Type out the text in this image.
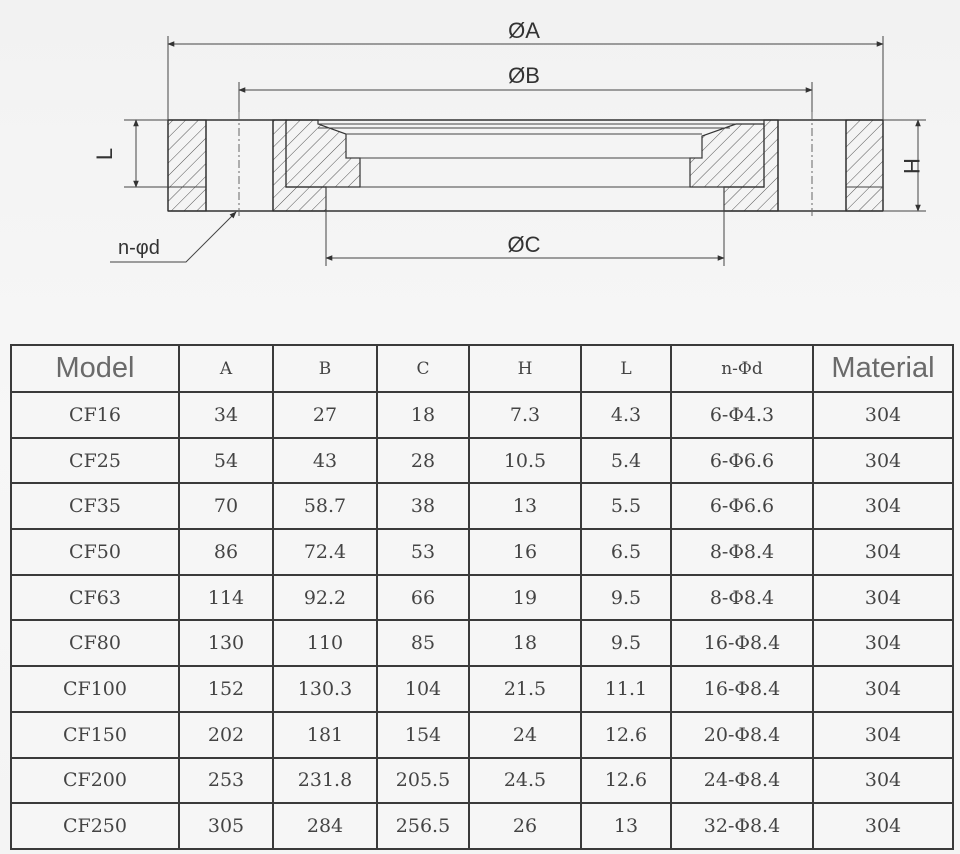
ØA
ØB
ØC
H
L
n-φd
Model	A	B	C	H	L	n-Φd	Material
CF16	34	27	18	7.3	4.3	6-Φ4.3	304
CF25	54	43	28	10.5	5.4	6-Φ6.6	304
CF35	70	58.7	38	13	5.5	6-Φ6.6	304
CF50	86	72.4	53	16	6.5	8-Φ8.4	304
CF63	114	92.2	66	19	9.5	8-Φ8.4	304
CF80	130	110	85	18	9.5	16-Φ8.4	304
CF100	152	130.3	104	21.5	11.1	16-Φ8.4	304
CF150	202	181	154	24	12.6	20-Φ8.4	304
CF200	253	231.8	205.5	24.5	12.6	24-Φ8.4	304
CF250	305	284	256.5	26	13	32-Φ8.4	304
